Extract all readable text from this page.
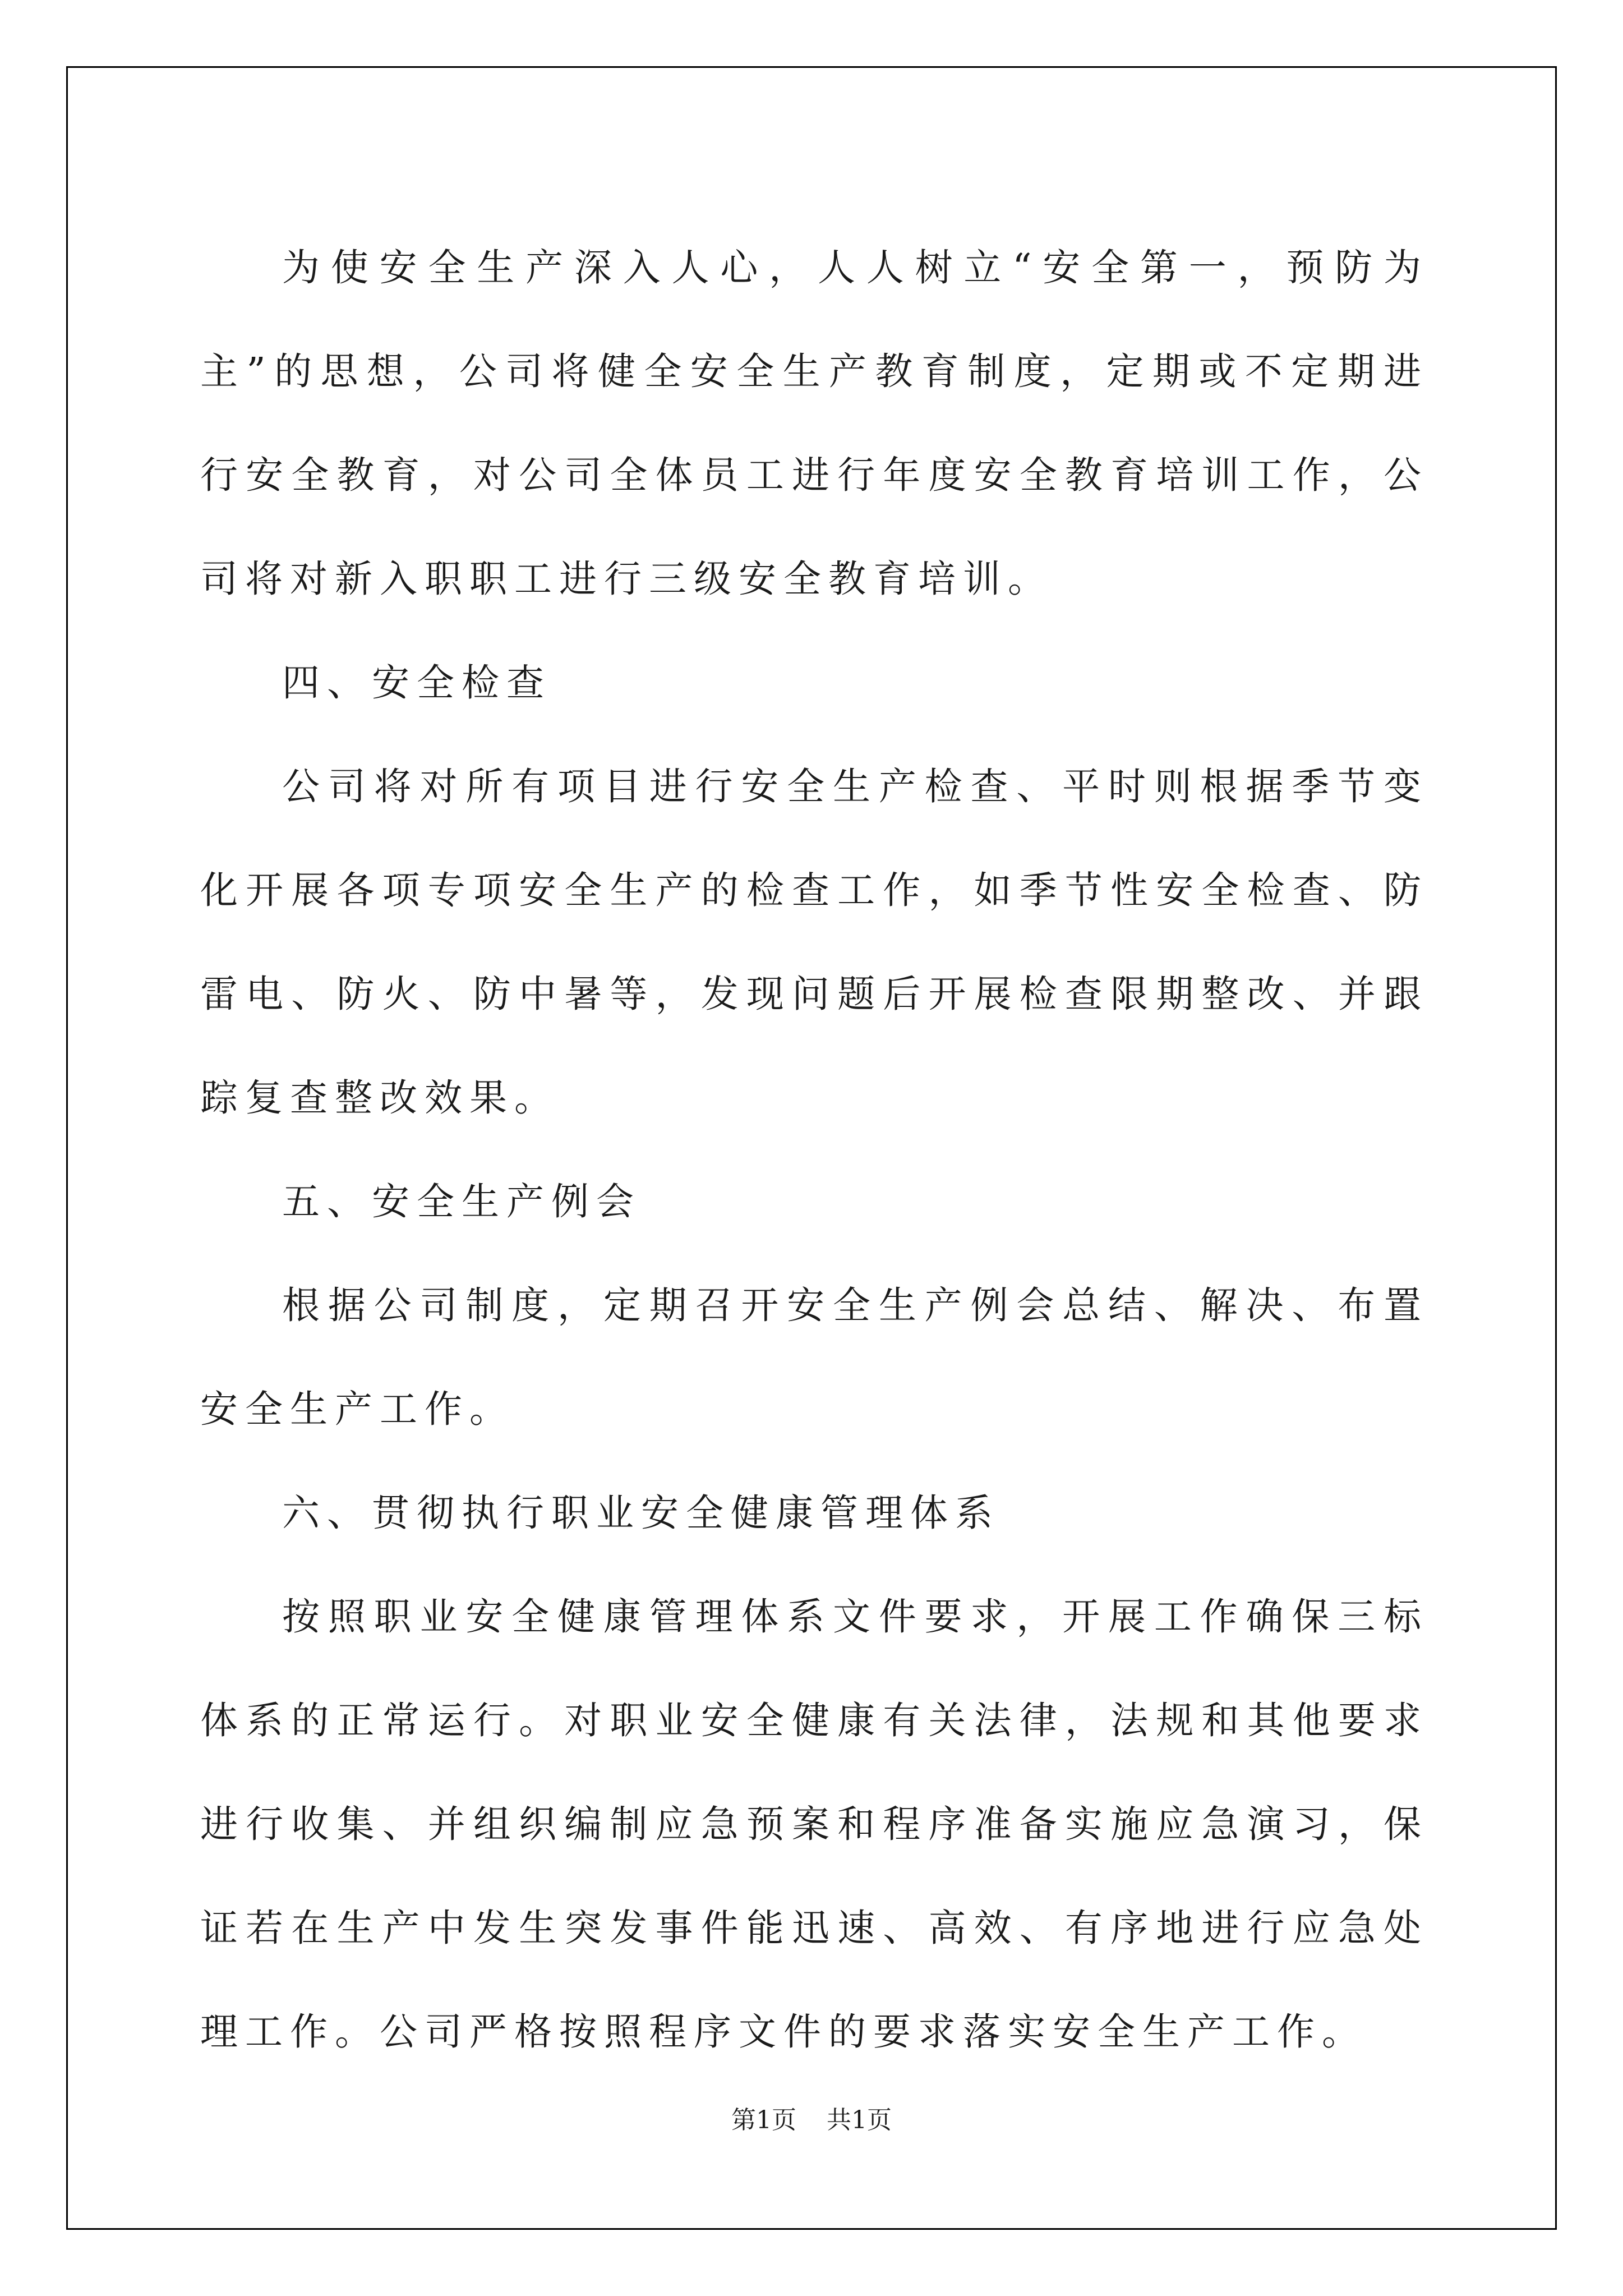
为使安全生产深入人心，人人树立“安全第一，预防为主”的思想，公司将健全安全生产教育制度，定期或不定期进行安全教育，对公司全体员工进行年度安全教育培训工作，公司将对新入职职工进行三级安全教育培训。

四、安全检查

公司将对所有项目进行安全生产检查、平时则根据季节变化开展各项专项安全生产的检查工作，如季节性安全检查、防雷电、防火、防中暑等，发现问题后开展检查限期整改、并跟踪复查整改效果。

五、安全生产例会

根据公司制度，定期召开安全生产例会总结、解决、布置安全生产工作。

六、贯彻执行职业安全健康管理体系

按照职业安全健康管理体系文件要求，开展工作确保三标体系的正常运行。对职业安全健康有关法律，法规和其他要求进行收集、并组织编制应急预案和程序准备实施应急演习，保证若在生产中发生突发事件能迅速、高效、有序地进行应急处理工作。公司严格按照程序文件的要求落实安全生产工作。

第1页 共1页
